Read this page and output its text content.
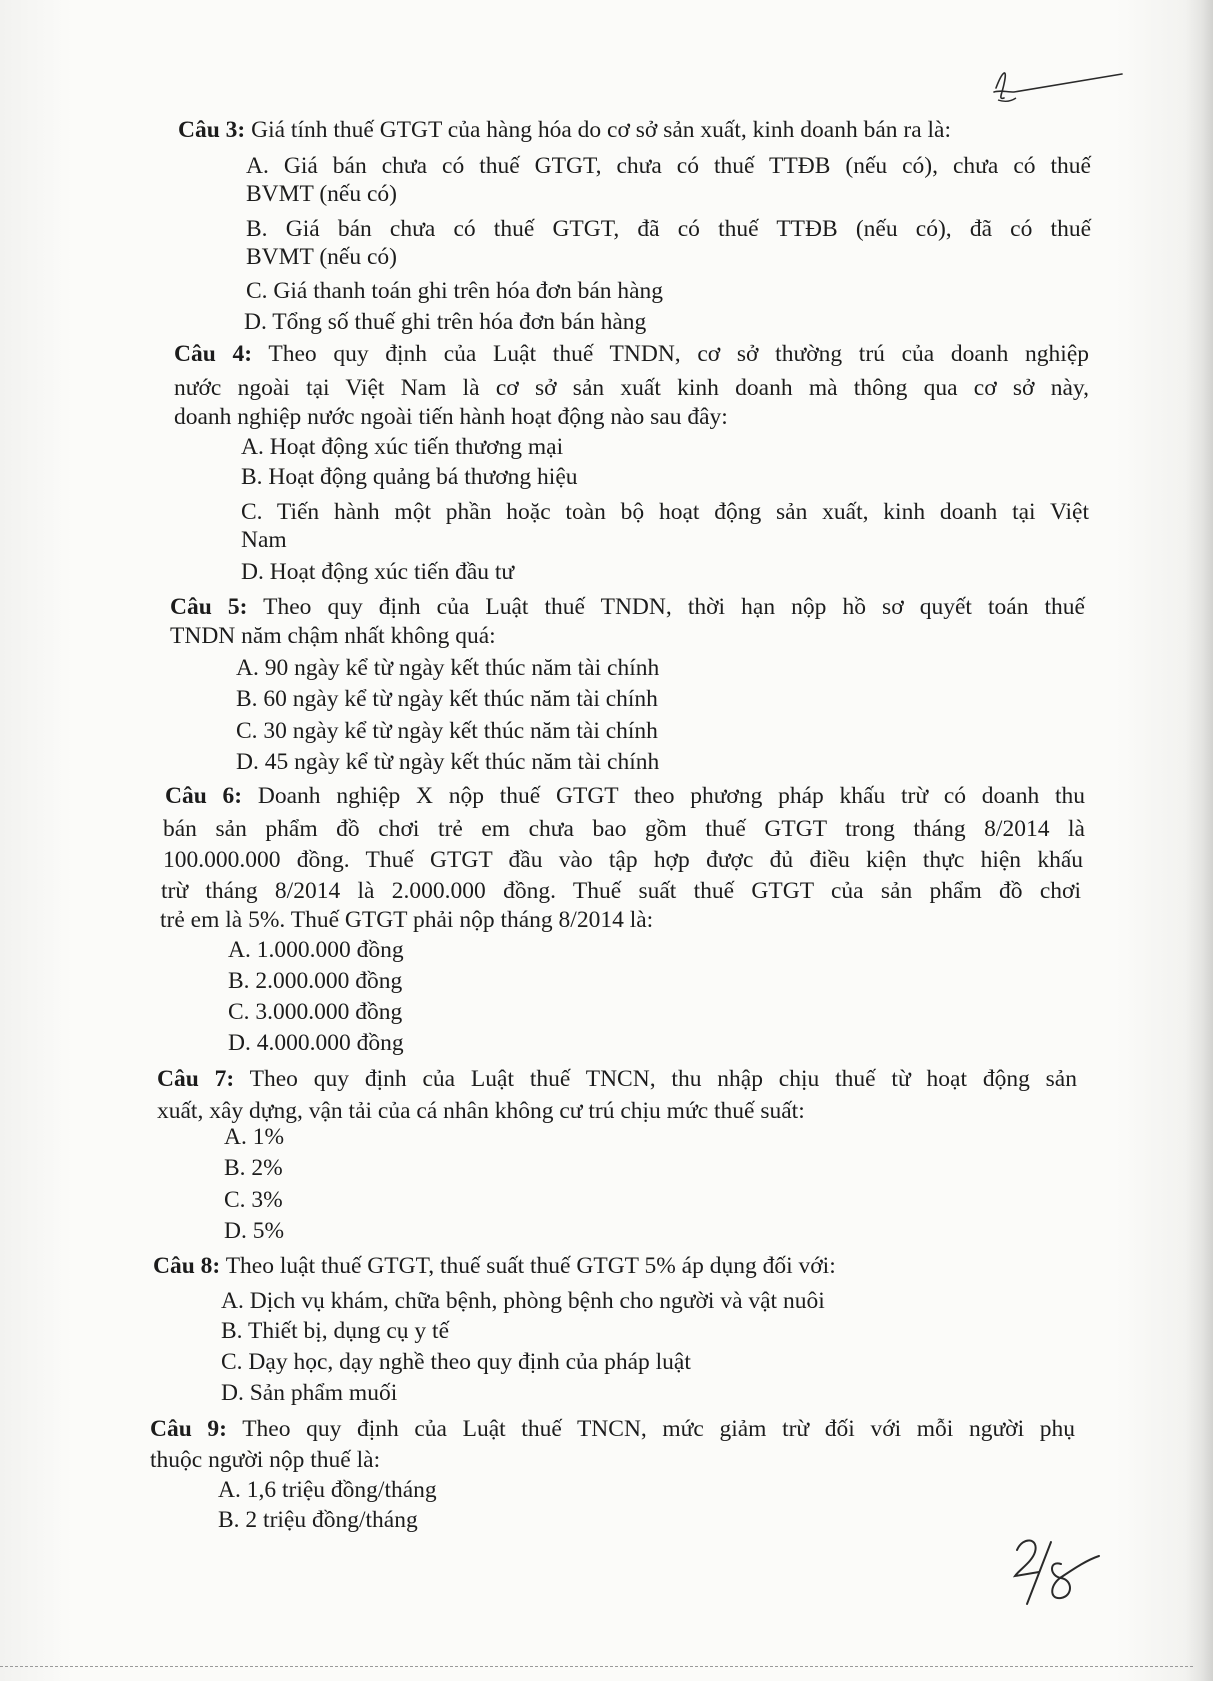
Câu 3: Giá tính thuế GTGT của hàng hóa do cơ sở sản xuất, kinh doanh bán ra là:
A. Giá bán chưa có thuế GTGT, chưa có thuế TTĐB (nếu có), chưa có thuế
BVMT (nếu có)
B. Giá bán chưa có thuế GTGT, đã có thuế TTĐB (nếu có), đã có thuế
BVMT (nếu có)
C. Giá thanh toán ghi trên hóa đơn bán hàng
D. Tổng số thuế ghi trên hóa đơn bán hàng
Câu 4: Theo quy định của Luật thuế TNDN, cơ sở thường trú của doanh nghiệp
nước ngoài tại Việt Nam là cơ sở sản xuất kinh doanh mà thông qua cơ sở này,
doanh nghiệp nước ngoài tiến hành hoạt động nào sau đây:
A. Hoạt động xúc tiến thương mại
B. Hoạt động quảng bá thương hiệu
C. Tiến hành một phần hoặc toàn bộ hoạt động sản xuất, kinh doanh tại Việt
Nam
D. Hoạt động xúc tiến đầu tư
Câu 5: Theo quy định của Luật thuế TNDN, thời hạn nộp hồ sơ quyết toán thuế
TNDN năm chậm nhất không quá:
A. 90 ngày kể từ ngày kết thúc năm tài chính
B. 60 ngày kể từ ngày kết thúc năm tài chính
C. 30 ngày kể từ ngày kết thúc năm tài chính
D. 45 ngày kể từ ngày kết thúc năm tài chính
Câu 6: Doanh nghiệp X nộp thuế GTGT theo phương pháp khấu trừ có doanh thu
bán sản phẩm đồ chơi trẻ em chưa bao gồm thuế GTGT trong tháng 8/2014 là
100.000.000 đồng. Thuế GTGT đầu vào tập hợp được đủ điều kiện thực hiện khấu
trừ tháng 8/2014 là 2.000.000 đồng. Thuế suất thuế GTGT của sản phẩm đồ chơi
trẻ em là 5%. Thuế GTGT phải nộp tháng 8/2014 là:
A. 1.000.000 đồng
B. 2.000.000 đồng
C. 3.000.000 đồng
D. 4.000.000 đồng
Câu 7: Theo quy định của Luật thuế TNCN, thu nhập chịu thuế từ hoạt động sản
xuất, xây dựng, vận tải của cá nhân không cư trú chịu mức thuế suất:
A. 1%
B. 2%
C. 3%
D. 5%
Câu 8: Theo luật thuế GTGT, thuế suất thuế GTGT 5% áp dụng đối với:
A. Dịch vụ khám, chữa bệnh, phòng bệnh cho người và vật nuôi
B. Thiết bị, dụng cụ y tế
C. Dạy học, dạy nghề theo quy định của pháp luật
D. Sản phẩm muối
Câu 9: Theo quy định của Luật thuế TNCN, mức giảm trừ đối với mỗi người phụ
thuộc người nộp thuế là:
A. 1,6 triệu đồng/tháng
B. 2 triệu đồng/tháng
